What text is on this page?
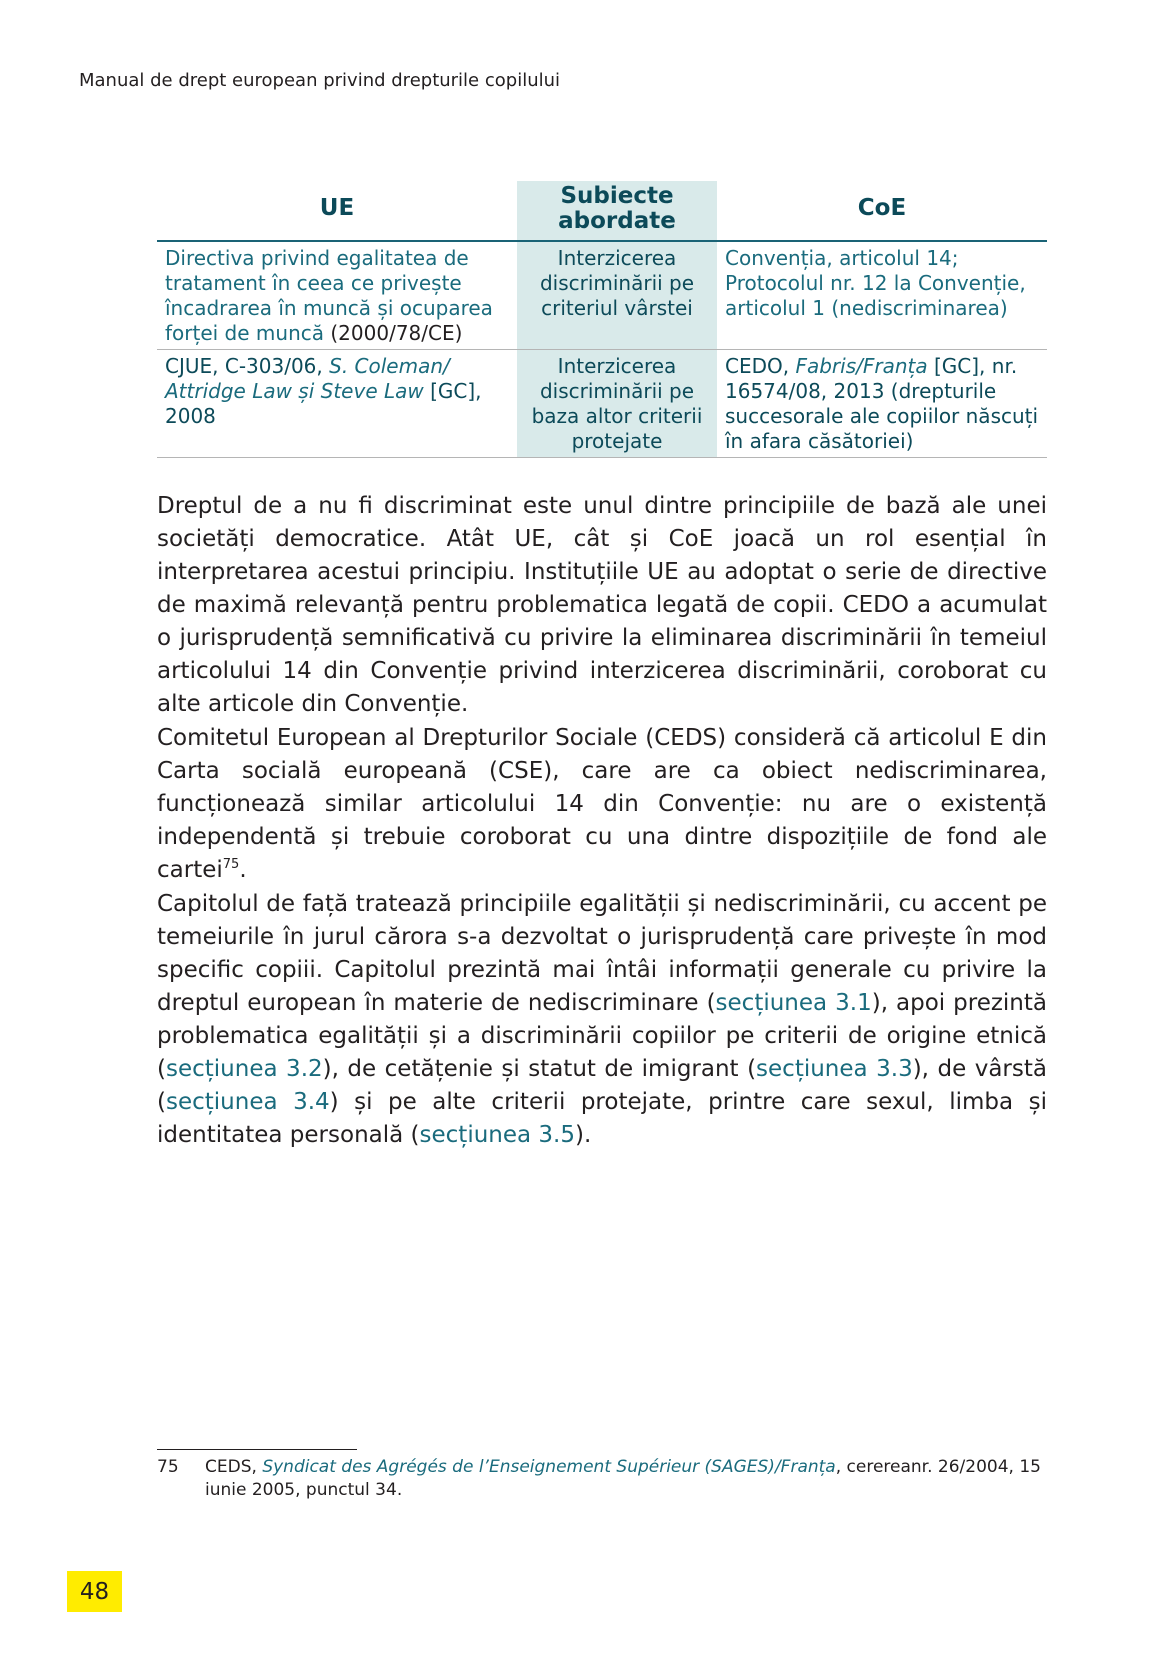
Manual de drept european privind drepturile copilului
UE	Subiecte abordate	CoE
Directiva privind egalitatea de tratament în ceea ce privește încadrarea în muncă și ocuparea forței de muncă (2000/78/CE)	Interzicerea discriminării pe criteriul vârstei	Convenția, articolul 14; Protocolul nr. 12 la Convenție, articolul 1 (nediscriminarea)
CJUE, C-303/06, S. Coleman/ Attridge Law și Steve Law [GC], 2008	Interzicerea discriminării pe baza altor criterii protejate	CEDO, Fabris/Franța [GC], nr. 16574/08, 2013 (drepturile succesorale ale copiilor născuți în afara căsătoriei)

Dreptul de a nu fi discriminat este unul dintre principiile de bază ale unei societăți democratice. Atât UE, cât și CoE joacă un rol esențial în interpretarea acestui principiu. Instituțiile UE au adoptat o serie de directive de maximă relevanță pentru problematica legată de copii. CEDO a acumulat o jurisprudență semnificativă cu privire la eliminarea discriminării în temeiul articolului 14 din Convenție privind interzicerea discriminării, coroborat cu alte articole din Convenție.

Comitetul European al Drepturilor Sociale (CEDS) consideră că articolul E din Carta socială europeană (CSE), care are ca obiect nediscriminarea, funcționează similar articolului 14 din Convenție: nu are o existență independentă și trebuie coroborat cu una dintre dispozițiile de fond ale cartei$^{75}$.

Capitolul de față tratează principiile egalității și nediscriminării, cu accent pe temeiurile în jurul cărora s-a dezvoltat o jurisprudență care privește în mod specific copiii. Capitolul prezintă mai întâi informații generale cu privire la dreptul european în materie de nediscriminare (secțiunea 3.1), apoi prezintă problematica egalității și a discriminării copiilor pe criterii de origine etnică (secțiunea 3.2), de cetățenie și statut de imigrant (secțiunea 3.3), de vârstă (secțiunea 3.4) și pe alte criterii protejate, printre care sexul, limba și identitatea personală (secțiunea 3.5).

75	CEDS, Syndicat des Agrégés de l’Enseignement Supérieur (SAGES)/Franța, cerereanr. 26/2004, 15 iunie 2005, punctul 34.
48
